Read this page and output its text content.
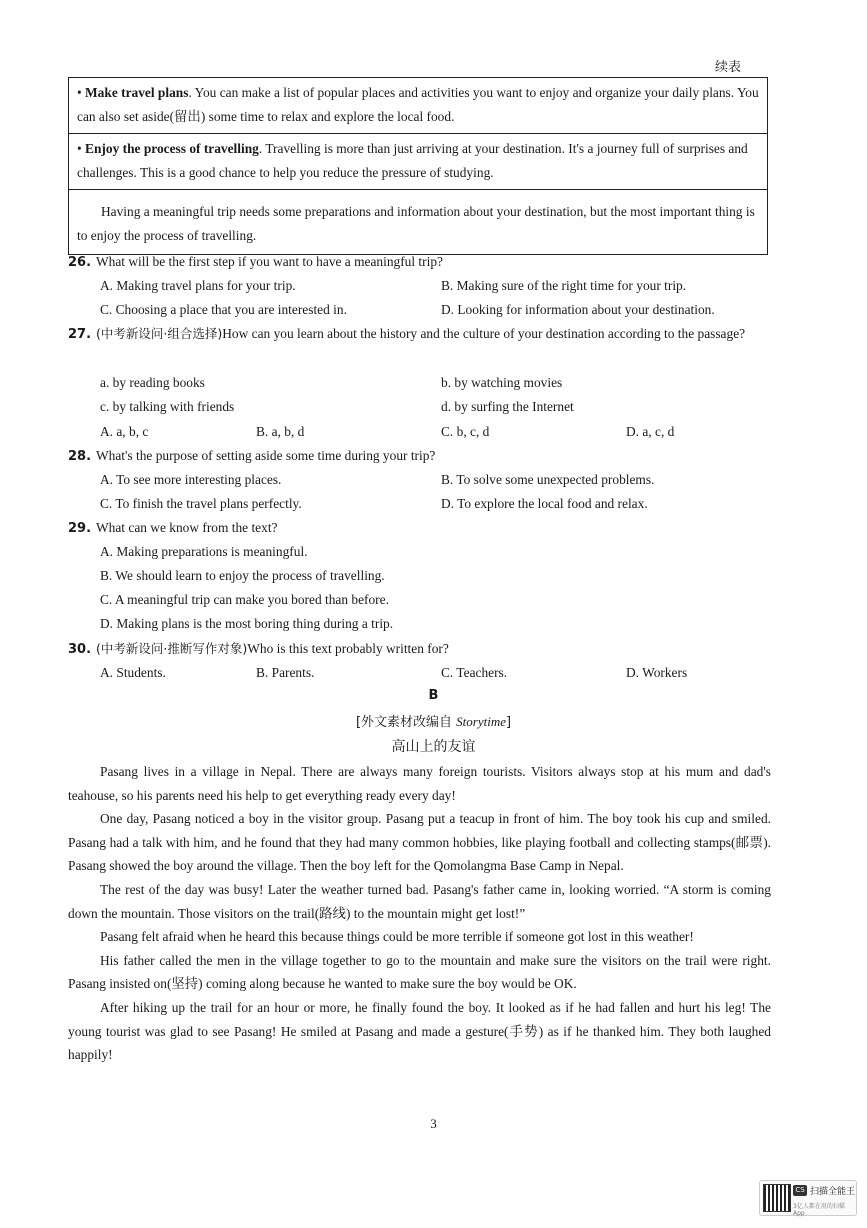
续表
• Make travel plans. You can make a list of popular places and activities you want to enjoy and organize your daily plans. You can also set aside(留出) some time to relax and explore the local food.
• Enjoy the process of travelling. Travelling is more than just arriving at your destination. It's a journey full of surprises and challenges. This is a good chance to help you reduce the pressure of studying.
Having a meaningful trip needs some preparations and information about your destination, but the most important thing is to enjoy the process of travelling.
26. What will be the first step if you want to have a meaningful trip?
A. Making travel plans for your trip.	B. Making sure of the right time for your trip.
C. Choosing a place that you are interested in.	D. Looking for information about your destination.
27. (中考新设问·组合选择)How can you learn about the history and the culture of your destination according to the passage?
a. by reading books	b. by watching movies
c. by talking with friends	d. by surfing the Internet
A. a, b, c	B. a, b, d	C. b, c, d	D. a, c, d
28. What's the purpose of setting aside some time during your trip?
A. To see more interesting places.	B. To solve some unexpected problems.
C. To finish the travel plans perfectly.	D. To explore the local food and relax.
29. What can we know from the text?
A. Making preparations is meaningful.
B. We should learn to enjoy the process of travelling.
C. A meaningful trip can make you bored than before.
D. Making plans is the most boring thing during a trip.
30. (中考新设问·推断写作对象)Who is this text probably written for?
A. Students.	B. Parents.	C. Teachers.	D. Workers
B
[外文素材改编自 Storytime]
高山上的友谊

Pasang lives in a village in Nepal. There are always many foreign tourists. Visitors always stop at his mum and dad's teahouse, so his parents need his help to get everything ready every day!

One day, Pasang noticed a boy in the visitor group. Pasang put a teacup in front of him. The boy took his cup and smiled. Pasang had a talk with him, and he found that they had many common hobbies, like playing football and collecting stamps(邮票). Pasang showed the boy around the village. Then the boy left for the Qomolangma Base Camp in Nepal.

The rest of the day was busy! Later the weather turned bad. Pasang's father came in, looking worried. “A storm is coming down the mountain. Those visitors on the trail(路线) to the mountain might get lost!”

Pasang felt afraid when he heard this because things could be more terrible if someone got lost in this weather!

His father called the men in the village together to go to the mountain and make sure the visitors on the trail were right. Pasang insisted on(坚持) coming along because he wanted to make sure the boy would be OK.

After hiking up the trail for an hour or more, he finally found the boy. It looked as if he had fallen and hurt his leg! The young tourist was glad to see Pasang! He smiled at Pasang and made a gesture(手势) as if he thanked him. They both laughed happily!

3
CS 扫描全能王
3亿人都在用的扫描App
